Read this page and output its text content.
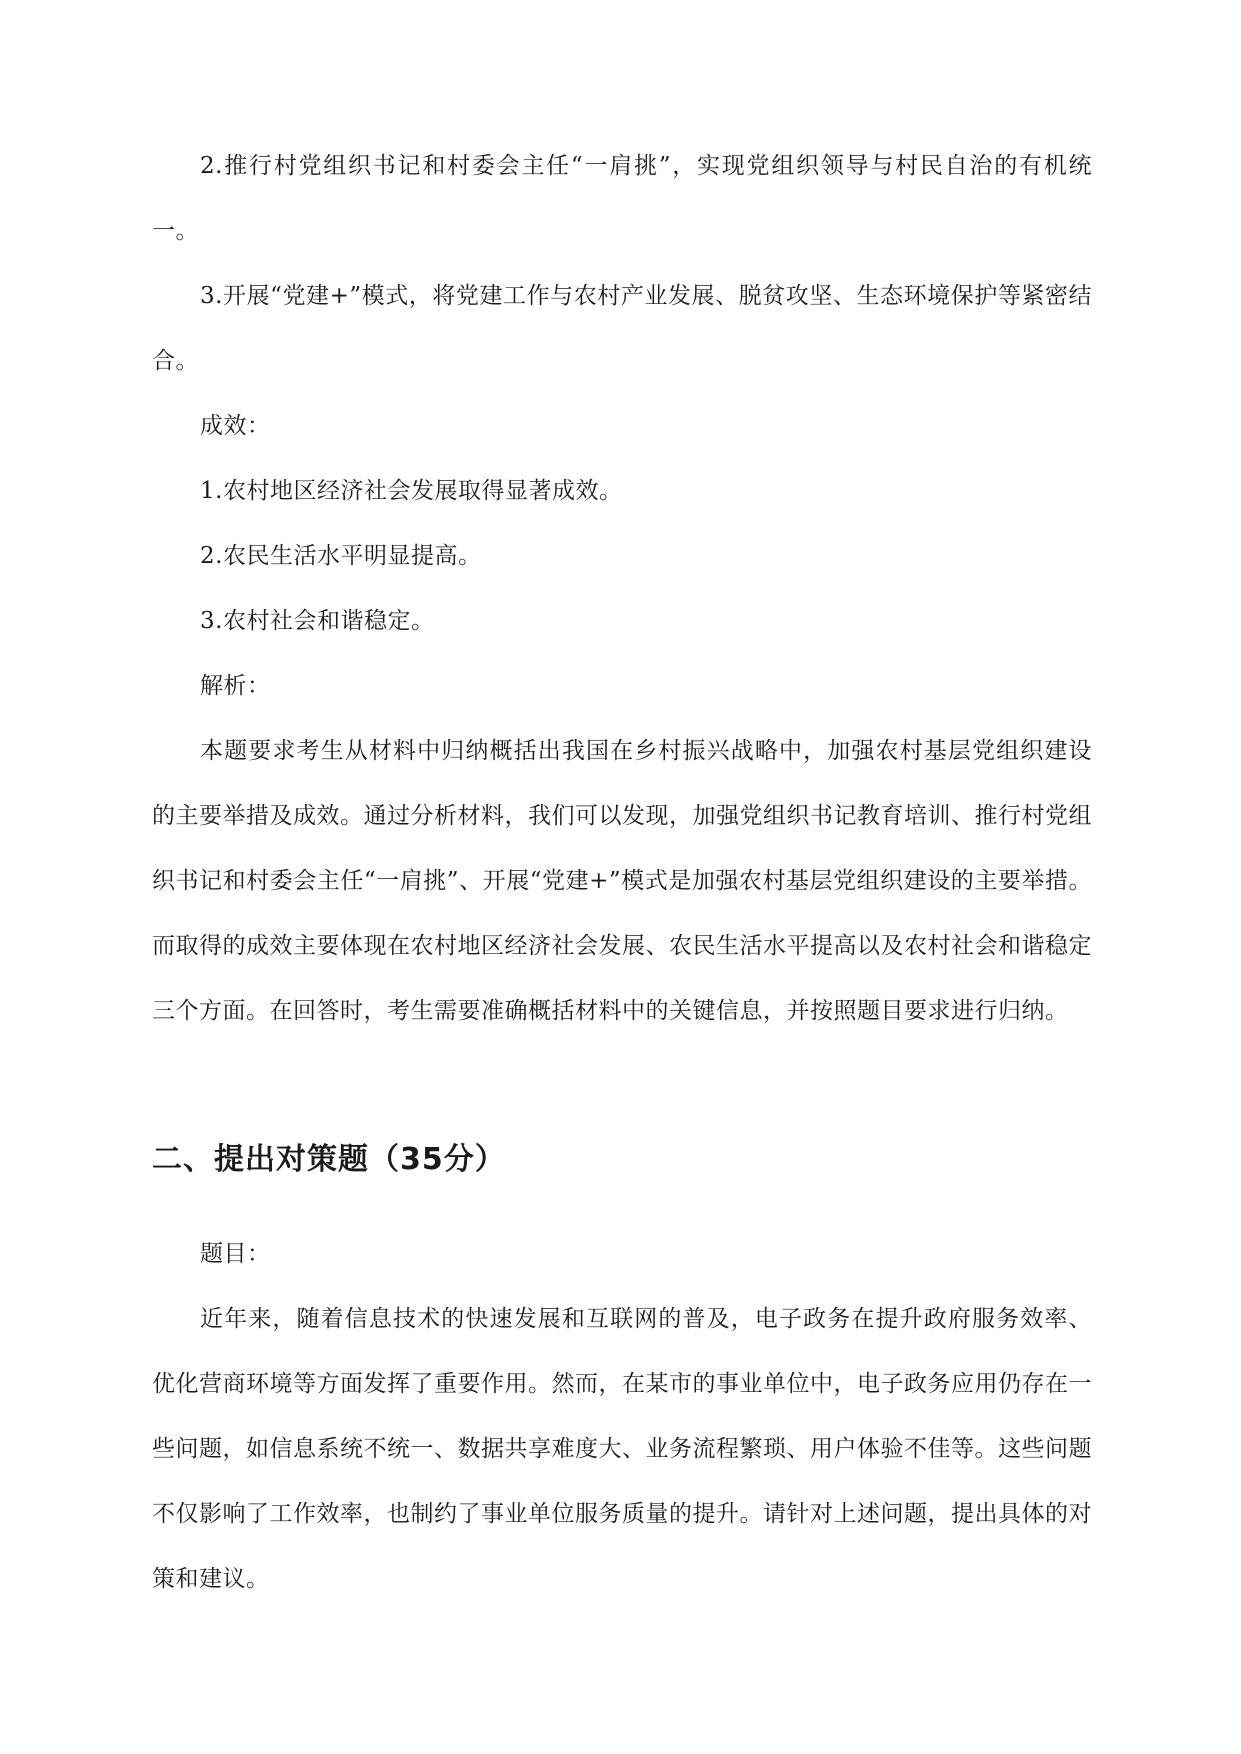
2.推行村党组织书记和村委会主任“一肩挑”，实现党组织领导与村民自治的有机统一。

3.开展“党建+”模式，将党建工作与农村产业发展、脱贫攻坚、生态环境保护等紧密结合。

成效：

1.农村地区经济社会发展取得显著成效。

2.农民生活水平明显提高。

3.农村社会和谐稳定。

解析：

本题要求考生从材料中归纳概括出我国在乡村振兴战略中，加强农村基层党组织建设的主要举措及成效。通过分析材料，我们可以发现，加强党组织书记教育培训、推行村党组织书记和村委会主任“一肩挑”、开展“党建+”模式是加强农村基层党组织建设的主要举措。而取得的成效主要体现在农村地区经济社会发展、农民生活水平提高以及农村社会和谐稳定三个方面。在回答时，考生需要准确概括材料中的关键信息，并按照题目要求进行归纳。

二、提出对策题（35分）

题目：

近年来，随着信息技术的快速发展和互联网的普及，电子政务在提升政府服务效率、优化营商环境等方面发挥了重要作用。然而，在某市的事业单位中，电子政务应用仍存在一些问题，如信息系统不统一、数据共享难度大、业务流程繁琐、用户体验不佳等。这些问题不仅影响了工作效率，也制约了事业单位服务质量的提升。请针对上述问题，提出具体的对策和建议。
